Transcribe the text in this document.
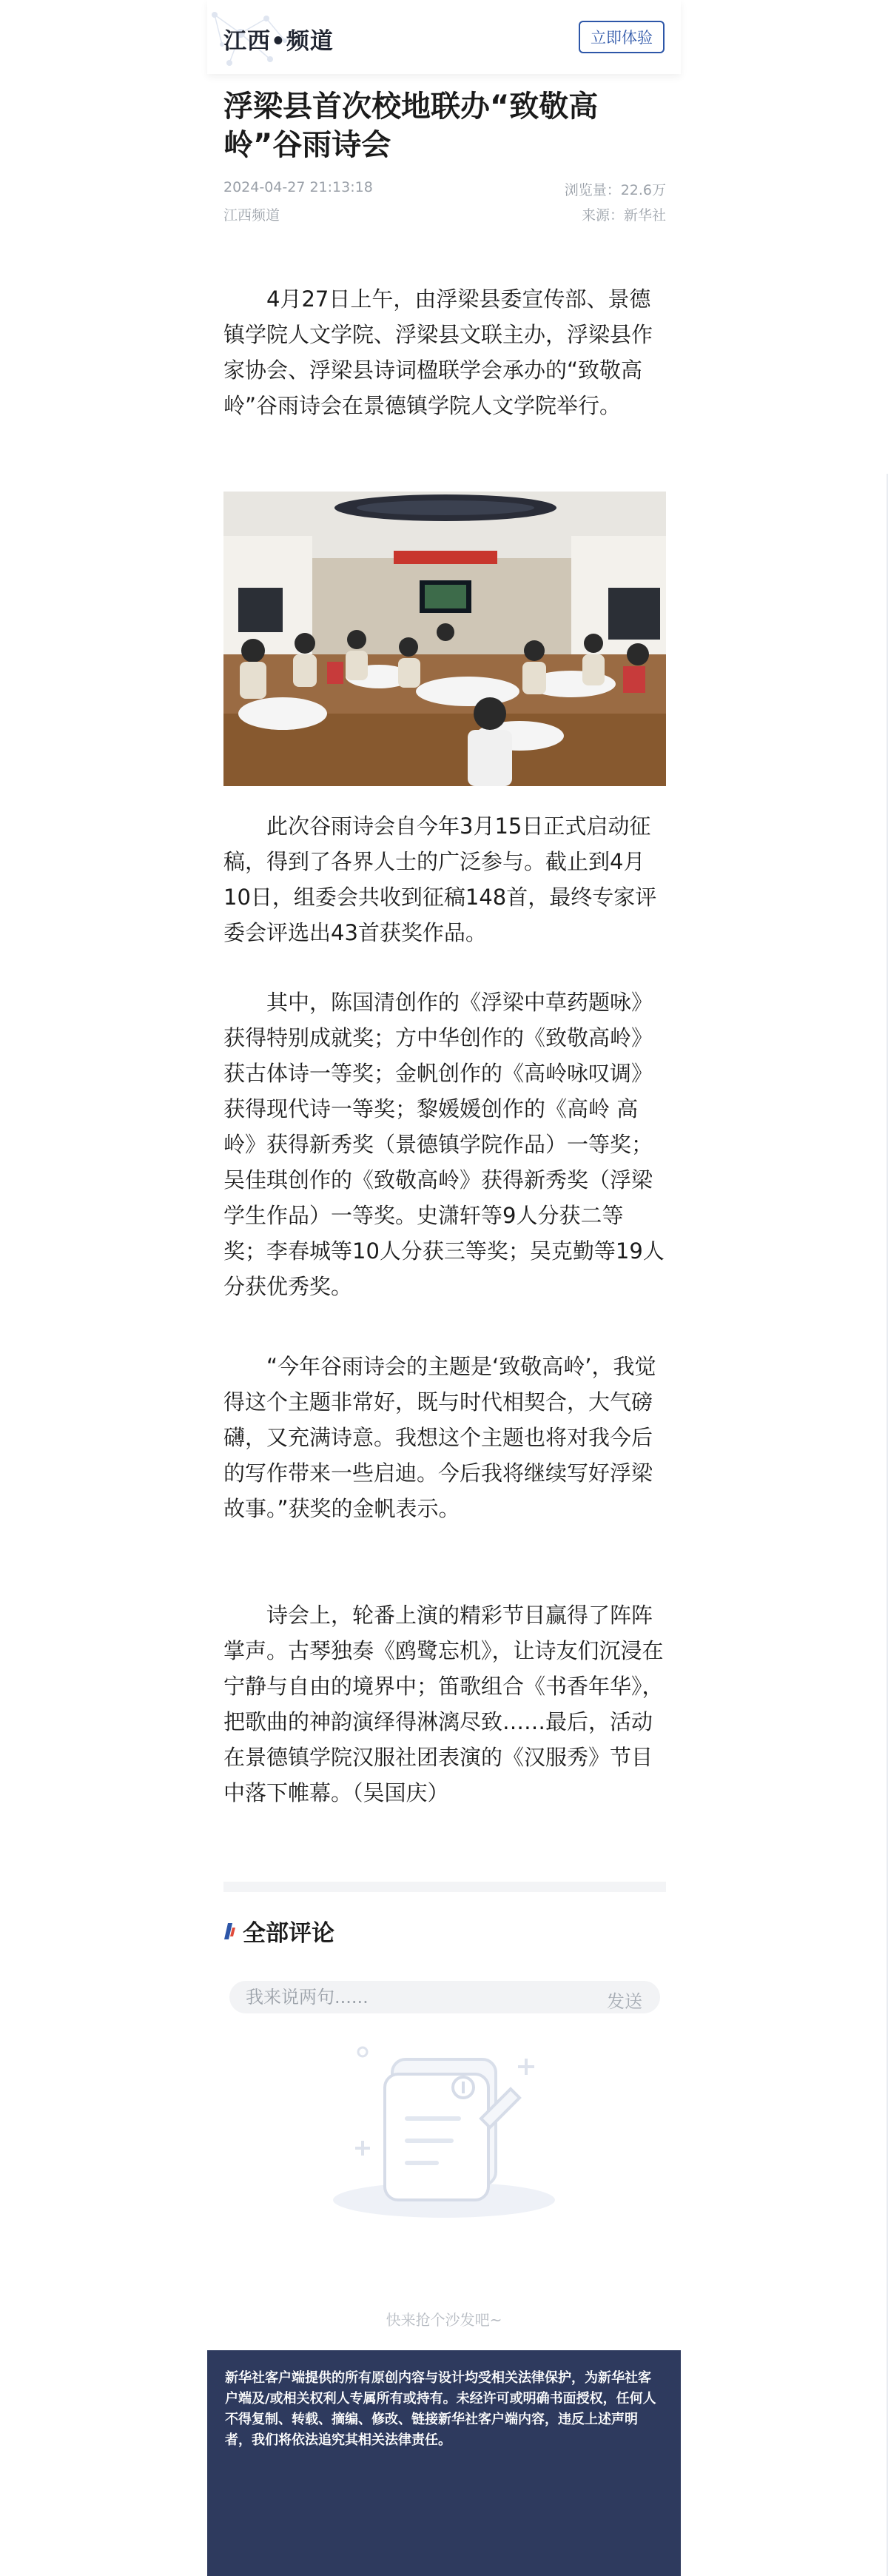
江西•频道	立即体验
浮梁县首次校地联办“致敬高岭”谷雨诗会
2024-04-27 21:13:18	浏览量：22.6万
江西频道	来源：新华社

4月27日上午，由浮梁县委宣传部、景德镇学院人文学院、浮梁县文联主办，浮梁县作家协会、浮梁县诗词楹联学会承办的“致敬高岭”谷雨诗会在景德镇学院人文学院举行。

此次谷雨诗会自今年3月15日正式启动征稿，得到了各界人士的广泛参与。截止到4月10日，组委会共收到征稿148首，最终专家评委会评选出43首获奖作品。

其中，陈国清创作的《浮梁中草药题咏》获得特别成就奖；方中华创作的《致敬高岭》获古体诗一等奖；金帆创作的《高岭咏叹调》获得现代诗一等奖；黎媛媛创作的《高岭 高岭》获得新秀奖（景德镇学院作品）一等奖；吴佳琪创作的《致敬高岭》获得新秀奖（浮梁学生作品）一等奖。史潇轩等9人分获二等奖；李春城等10人分获三等奖；吴克勤等19人分获优秀奖。

“今年谷雨诗会的主题是‘致敬高岭’，我觉得这个主题非常好，既与时代相契合，大气磅礴，又充满诗意。我想这个主题也将对我今后的写作带来一些启迪。今后我将继续写好浮梁故事。”获奖的金帆表示。

诗会上，轮番上演的精彩节目赢得了阵阵掌声。古琴独奏《鸥鹭忘机》，让诗友们沉浸在宁静与自由的境界中；笛歌组合《书香年华》，把歌曲的神韵演绎得淋漓尽致……最后，活动在景德镇学院汉服社团表演的《汉服秀》节目中落下帷幕。（吴国庆）

全部评论
我来说两句......
发送
快来抢个沙发吧~
新华社客户端提供的所有原创内容与设计均受相关法律保护，为新华社客户端及/或相关权利人专属所有或持有。未经许可或明确书面授权，任何人不得复制、转载、摘编、修改、链接新华社客户端内容，违反上述声明者，我们将依法追究其相关法律责任。
